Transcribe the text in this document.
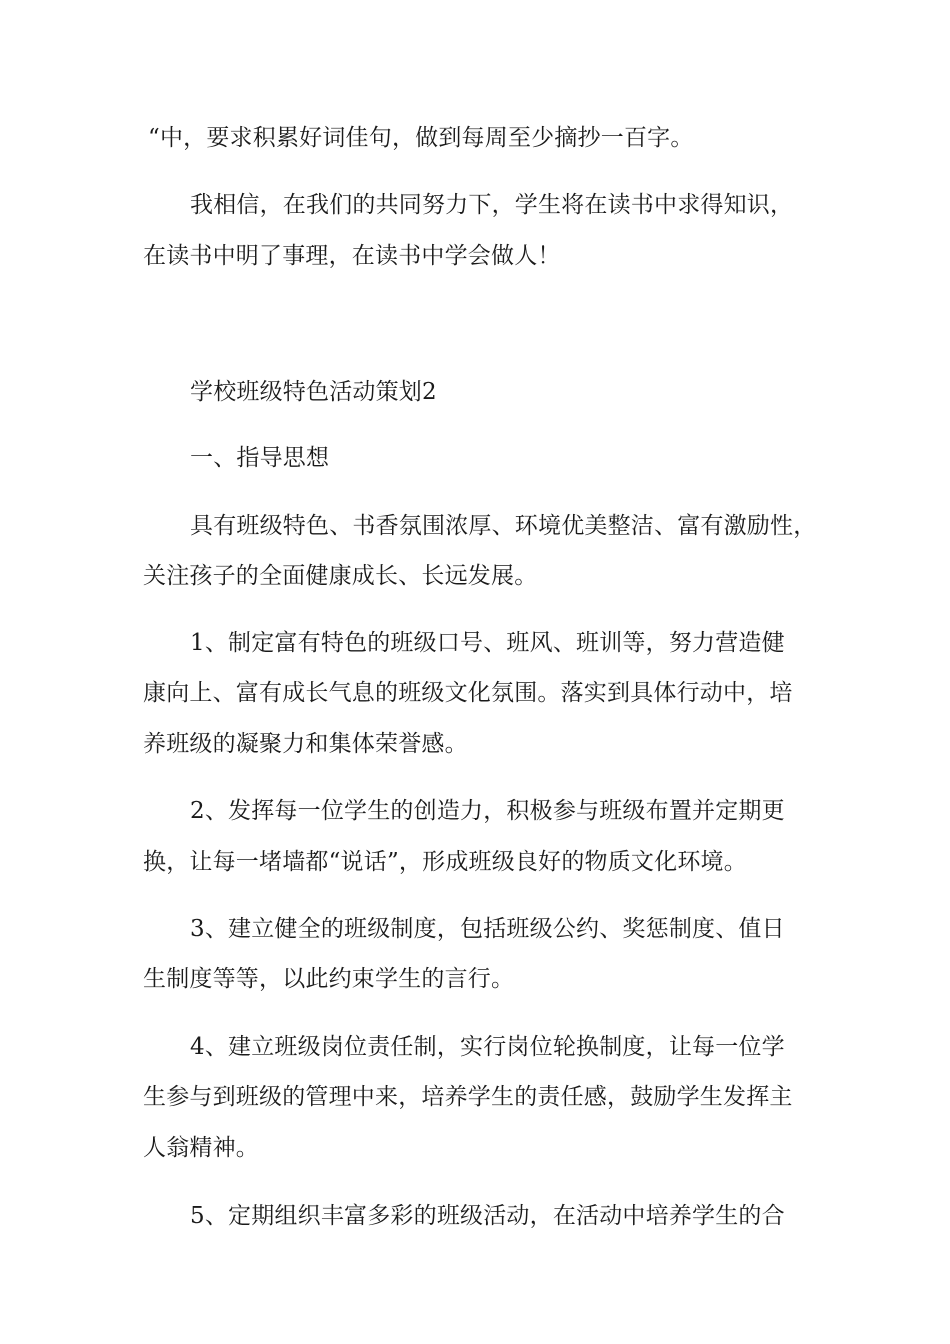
“中，要求积累好词佳句，做到每周至少摘抄一百字。
我相信，在我们的共同努力下，学生将在读书中求得知识，
在读书中明了事理，在读书中学会做人！
学校班级特色活动策划2
一、指导思想
具有班级特色、书香氛围浓厚、环境优美整洁、富有激励性，
关注孩子的全面健康成长、长远发展。
1、制定富有特色的班级口号、班风、班训等，努力营造健
康向上、富有成长气息的班级文化氛围。落实到具体行动中，培
养班级的凝聚力和集体荣誉感。
2、发挥每一位学生的创造力，积极参与班级布置并定期更
换，让每一堵墙都“说话”，形成班级良好的物质文化环境。
3、建立健全的班级制度，包括班级公约、奖惩制度、值日
生制度等等，以此约束学生的言行。
4、建立班级岗位责任制，实行岗位轮换制度，让每一位学
生参与到班级的管理中来，培养学生的责任感，鼓励学生发挥主
人翁精神。
5、定期组织丰富多彩的班级活动，在活动中培养学生的合
